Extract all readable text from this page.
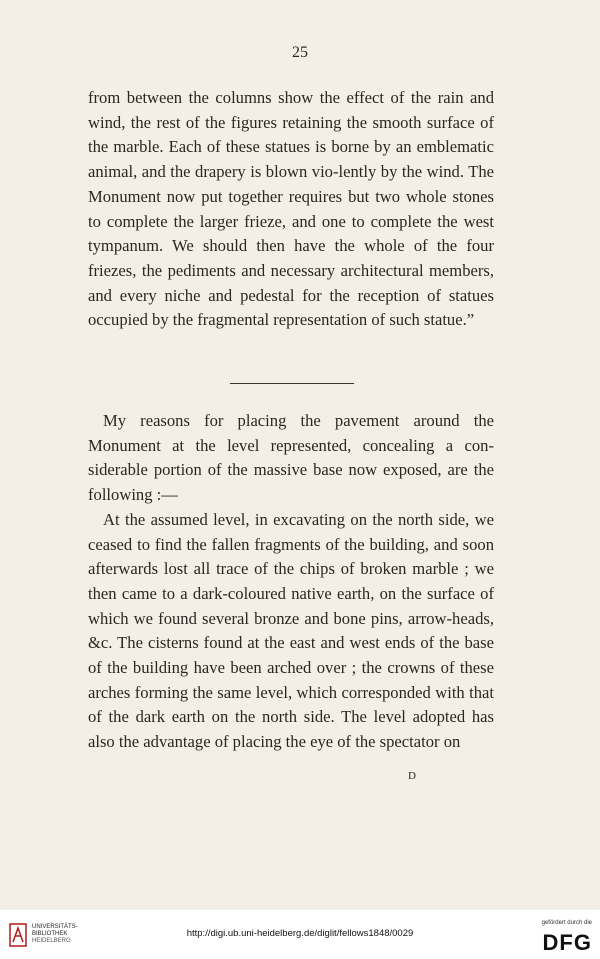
25

from between the columns show the effect of the rain and wind, the rest of the figures retaining the smooth surface of the marble. Each of these statues is borne by an emblematic animal, and the drapery is blown vio-lently by the wind. The Monument now put together requires but two whole stones to complete the larger frieze, and one to complete the west tympanum. We should then have the whole of the four friezes, the pediments and necessary architectural members, and every niche and pedestal for the reception of statues occupied by the fragmental representation of such statue.”

My reasons for placing the pavement around the Monument at the level represented, concealing a con-siderable portion of the massive base now exposed, are the following :—

At the assumed level, in excavating on the north side, we ceased to find the fallen fragments of the building, and soon afterwards lost all trace of the chips of broken marble ; we then came to a dark-coloured native earth, on the surface of which we found several bronze and bone pins, arrow-heads, &c. The cisterns found at the east and west ends of the base of the building have been arched over ; the crowns of these arches forming the same level, which corresponded with that of the dark earth on the north side. The level adopted has also the advantage of placing the eye of the spectator on

D
UNIVERSITÄTS-
BIBLIOTHEK
HEIDELBERG
http://digi.ub.uni-heidelberg.de/diglit/fellows1848/0029
gefördert durch die
DFG
